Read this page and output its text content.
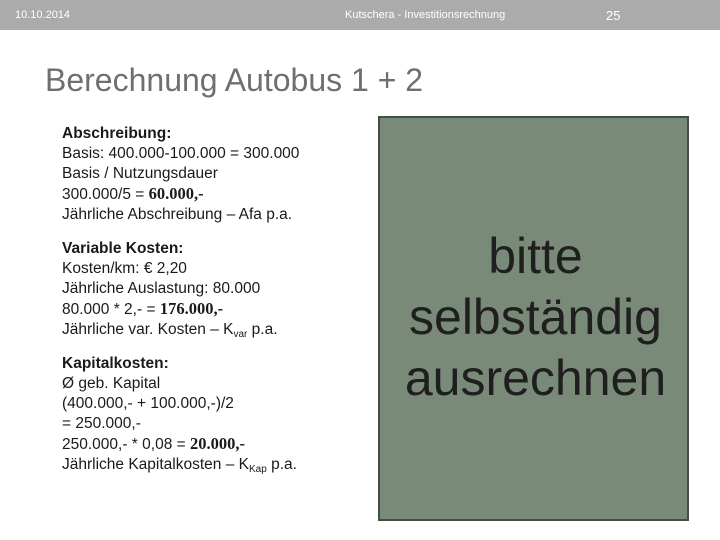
10.10.2014	Kutschera - Investitionsrechnung	25
Berechnung Autobus 1 + 2
Abschreibung:
Basis: 400.000-100.000 = 300.000
Basis / Nutzungsdauer
300.000/5 = 60.000,-
Jährliche Abschreibung – Afa p.a.
Variable Kosten:
Kosten/km: € 2,20
Jährliche Auslastung: 80.000
80.000 * 2,- = 176.000,-
Jährliche var. Kosten – $K_{var}$ p.a.
Kapitalkosten:
Ø geb. Kapital
(400.000,- + 100.000,-)/2
= 250.000,-
250.000,- * 0,08 = 20.000,-
Jährliche Kapitalkosten – $K_{Kap}$ p.a.
bitte
selbständig
ausrechnen
